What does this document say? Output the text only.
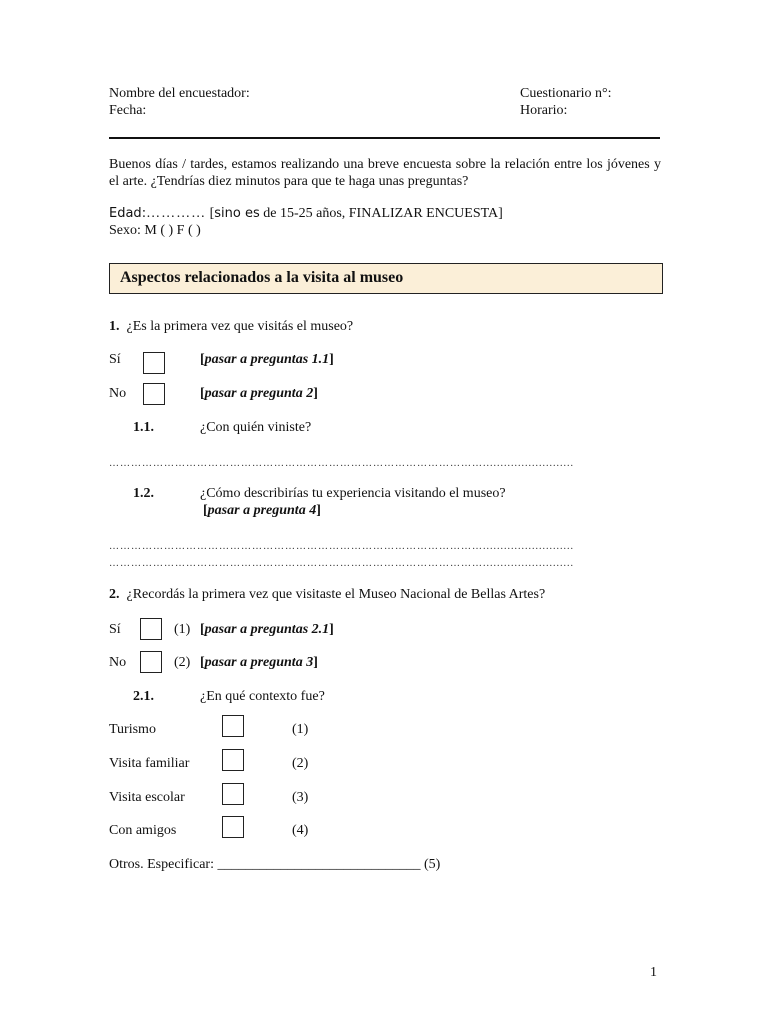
Nombre del encuestador:
Fecha:
Cuestionario n°:
Horario:
Buenos días / tardes, estamos realizando una breve encuesta sobre la relación entre los jóvenes y el arte. ¿Tendrías diez minutos para que te haga unas preguntas?
Edad:………… [sino es de 15-25 años, FINALIZAR ENCUESTA]
Sexo: M ( ) F ( )
Aspectos relacionados a la visita al museo
1. ¿Es la primera vez que visitás el museo?
Sí	[pasar a preguntas 1.1]
No	[pasar a pregunta 2]
1.1.	¿Con quién viniste?
…………………………………………………………………………………………..........................
1.2.	¿Cómo describirías tu experiencia visitando el museo?
[pasar a pregunta 4]
…………………………………………………………………………………………..........................
…………………………………………………………………………………………..........................
2. ¿Recordás la primera vez que visitaste el Museo Nacional de Bellas Artes?
Sí	(1) [pasar a preguntas 2.1]
No	(2) [pasar a pregunta 3]
2.1.	¿En qué contexto fue?
Turismo	(1)
Visita familiar	(2)
Visita escolar	(3)
Con amigos	(4)
Otros. Especificar: _____________________________ (5)
1
